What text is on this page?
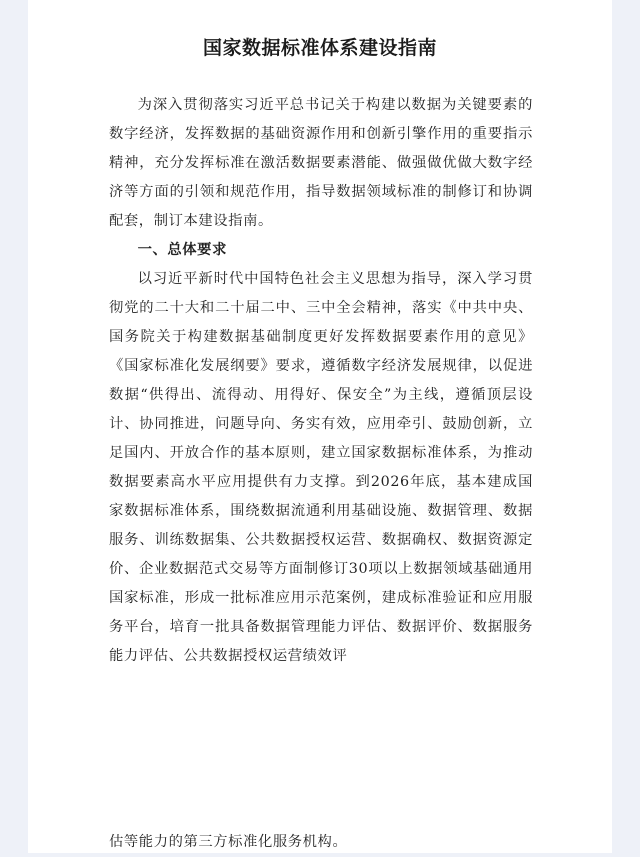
国家数据标准体系建设指南

为深入贯彻落实习近平总书记关于构建以数据为关键要素的数字经济，发挥数据的基础资源作用和创新引擎作用的重要指示精神，充分发挥标准在激活数据要素潜能、做强做优做大数字经济等方面的引领和规范作用，指导数据领域标准的制修订和协调配套，制订本建设指南。

一、总体要求

以习近平新时代中国特色社会主义思想为指导，深入学习贯彻党的二十大和二十届二中、三中全会精神，落实《中共中央、国务院关于构建数据基础制度更好发挥数据要素作用的意见》《国家标准化发展纲要》要求，遵循数字经济发展规律，以促进数据“供得出、流得动、用得好、保安全”为主线，遵循顶层设计、协同推进，问题导向、务实有效，应用牵引、鼓励创新，立足国内、开放合作的基本原则，建立国家数据标准体系，为推动数据要素高水平应用提供有力支撑。到2026年底，基本建成国家数据标准体系，围绕数据流通利用基础设施、数据管理、数据服务、训练数据集、公共数据授权运营、数据确权、数据资源定价、企业数据范式交易等方面制修订30项以上数据领域基础通用国家标准，形成一批标准应用示范案例，建成标准验证和应用服务平台，培育一批具备数据管理能力评估、数据评价、数据服务能力评估、公共数据授权运营绩效评

估等能力的第三方标准化服务机构。
